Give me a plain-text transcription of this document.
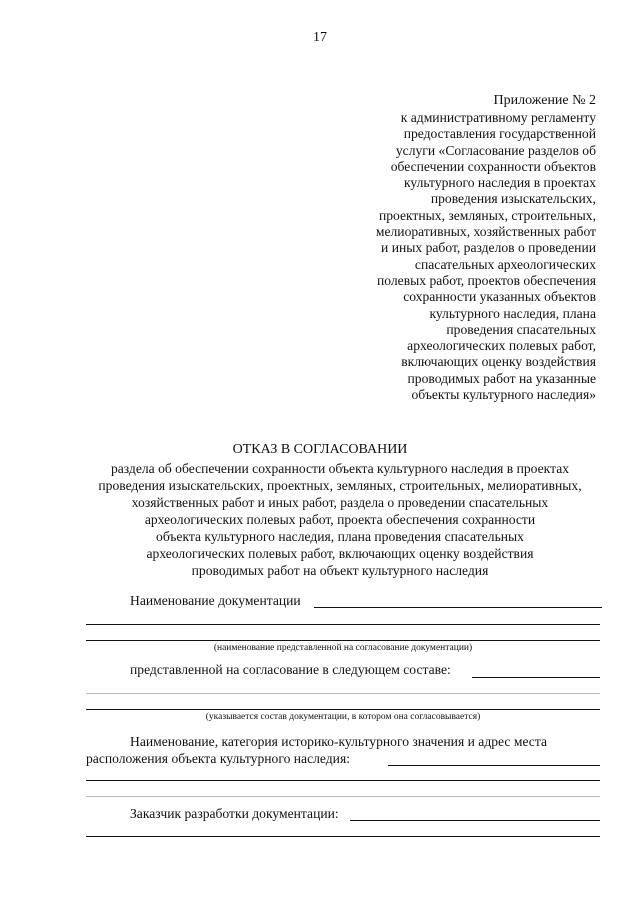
17
Приложение № 2
к административному регламенту
предоставления государственной
услуги «Согласование разделов об
обеспечении сохранности объектов
культурного наследия в проектах
проведения изыскательских,
проектных, земляных, строительных,
мелиоративных, хозяйственных работ
и иных работ, разделов о проведении
спасательных археологических
полевых работ, проектов обеспечения
сохранности указанных объектов
культурного наследия, плана
проведения спасательных
археологических полевых работ,
включающих оценку воздействия
проводимых работ на указанные
объекты культурного наследия»
ОТКАЗ В СОГЛАСОВАНИИ
раздела об обеспечении сохранности объекта культурного наследия в проектах
проведения изыскательских, проектных, земляных, строительных, мелиоративных,
хозяйственных работ и иных работ, раздела о проведении спасательных
археологических полевых работ, проекта обеспечения сохранности
объекта культурного наследия, плана проведения спасательных
археологических полевых работ, включающих оценку воздействия
проводимых работ на объект культурного наследия
Наименование документации
(наименование представленной на согласование документации)
представленной на согласование в следующем составе:
(указывается состав документации, в котором она согласовывается)
Наименование, категория историко-культурного значения и адрес места
расположения объекта культурного наследия:
Заказчик разработки документации:
